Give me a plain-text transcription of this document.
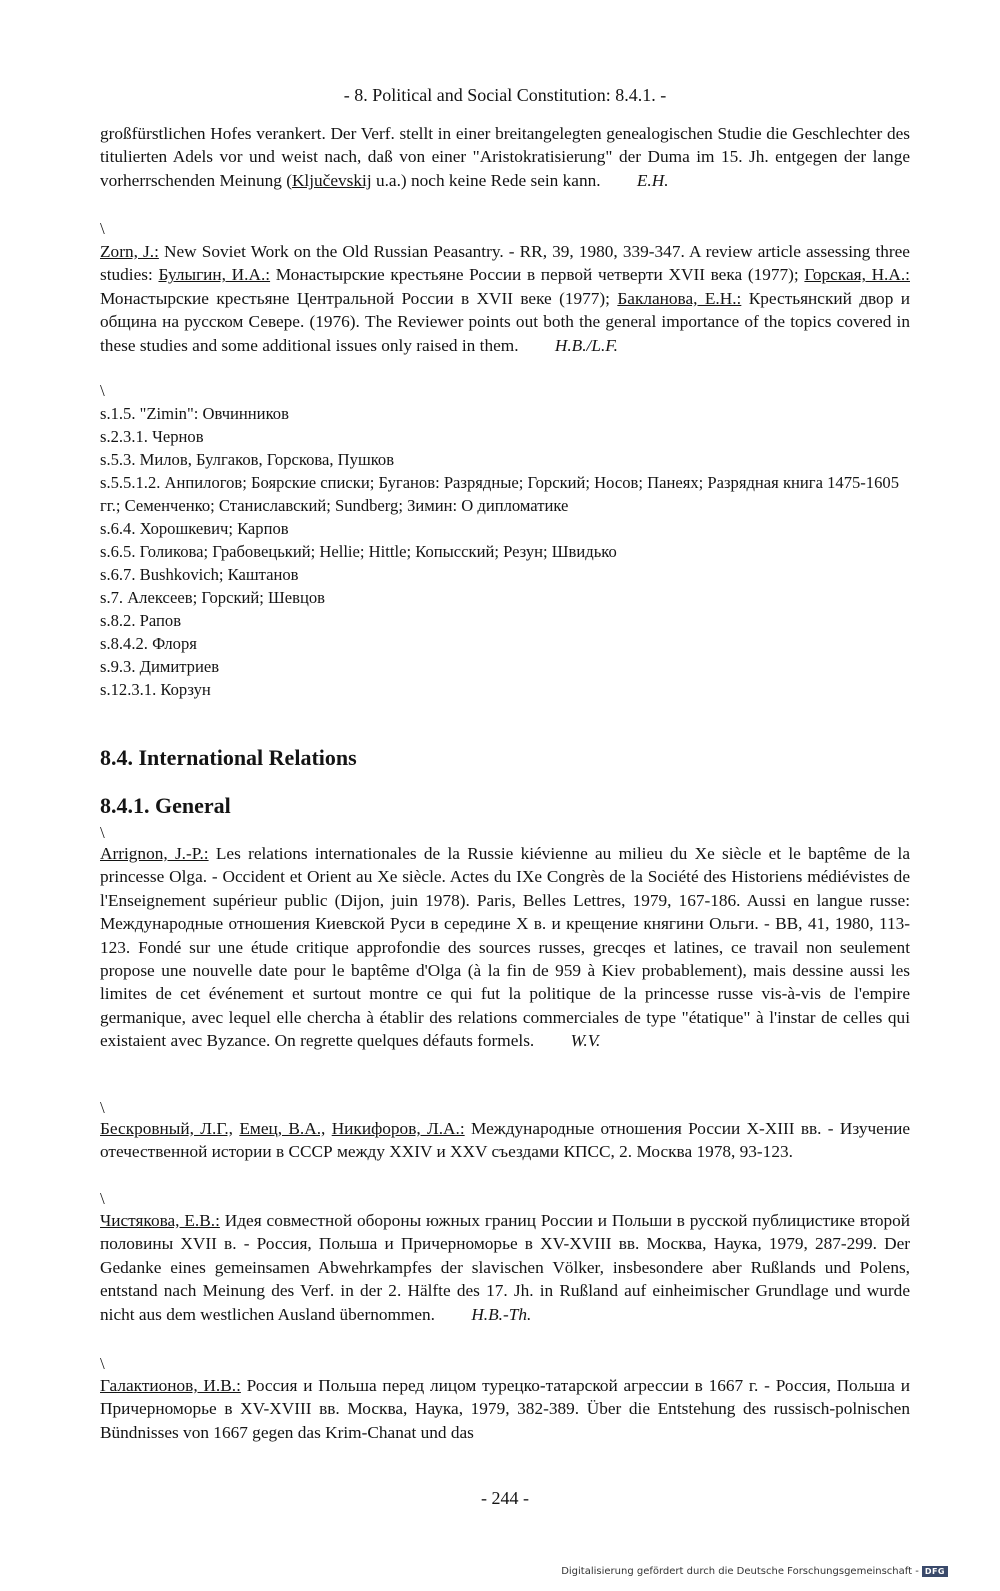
- 8. Political and Social Constitution: 8.4.1. -
großfürstlichen Hofes verankert. Der Verf. stellt in einer breitangelegten genealogischen Studie die Geschlechter des titulierten Adels vor und weist nach, daß von einer "Aristokratisierung" der Duma im 15. Jh. entgegen der lange vorherrschenden Meinung (Ključevskij u.a.) noch keine Rede sein kann. E.H.
\
Zorn, J.: New Soviet Work on the Old Russian Peasantry. - RR, 39, 1980, 339-347. A review article assessing three studies: Булыгин, И.А.: Монастырские крестьяне России в первой четверти XVII века (1977); Горская, Н.А.: Монастырские крестьяне Центральной России в XVII веке (1977); Бакланова, Е.Н.: Крестьянский двор и община на русском Севере. (1976). The Reviewer points out both the general importance of the topics covered in these studies and some additional issues only raised in them. H.B./L.F.
\
s.1.5. "Zimin": Овчинников
s.2.3.1. Чернов
s.5.3. Милов, Булгаков, Горскова, Пушков
s.5.5.1.2. Анпилогов; Боярские списки; Буганов: Разрядные; Горский; Носов; Панеях; Разрядная книга 1475-1605 гг.; Семенченко; Станиславский; Sundberg; Зимин: О дипломатике
s.6.4. Хорошкевич; Карпов
s.6.5. Голикова; Грабовецький; Hellie; Hittle; Копысский; Резун; Швидько
s.6.7. Bushkovich; Каштанов
s.7. Алексеев; Горский; Шевцов
s.8.2. Рапов
s.8.4.2. Флоря
s.9.3. Димитриев
s.12.3.1. Корзун
8.4. International Relations
8.4.1. General
\
Arrignon, J.-P.: Les relations internationales de la Russie kiévienne au milieu du Xe siècle et le baptême de la princesse Olga. - Occident et Orient au Xe siècle. Actes du IXe Congrès de la Société des Historiens médiévistes de l'Enseignement supérieur public (Dijon, juin 1978). Paris, Belles Lettres, 1979, 167-186. Aussi en langue russe: Международные отношения Киевской Руси в середине X в. и крещение княгини Ольги. - BB, 41, 1980, 113-123. Fondé sur une étude critique approfondie des sources russes, grecqes et latines, ce travail non seulement propose une nouvelle date pour le baptême d'Olga (à la fin de 959 à Kiev probablement), mais dessine aussi les limites de cet événement et surtout montre ce qui fut la politique de la princesse russe vis-à-vis de l'empire germanique, avec lequel elle chercha à établir des relations commerciales de type "étatique" à l'instar de celles qui existaient avec Byzance. On regrette quelques défauts formels. W.V.
\
Бескровный, Л.Г., Емец, В.А., Никифоров, Л.А.: Международные отношения России X-XIII вв. - Изучение отечественной истории в СССР между XXIV и XXV съездами КПСС, 2. Москва 1978, 93-123.
\
Чистякова, Е.В.: Идея совместной обороны южных границ России и Польши в русской публицистике второй половины XVII в. - Россия, Польша и Причерноморье в XV-XVIII вв. Москва, Наука, 1979, 287-299. Der Gedanke eines gemeinsamen Abwehrkampfes der slavischen Völker, insbesondere aber Rußlands und Polens, entstand nach Meinung des Verf. in der 2. Hälfte des 17. Jh. in Rußland auf einheimischer Grundlage und wurde nicht aus dem westlichen Ausland übernommen. H.B.-Th.
\
Галактионов, И.В.: Россия и Польша перед лицом турецко-татарской агрессии в 1667 г. - Россия, Польша и Причерноморье в XV-XVIII вв. Москва, Наука, 1979, 382-389. Über die Entstehung des russisch-polnischen Bündnisses von 1667 gegen das Krim-Chanat und das
- 244 -
Digitalisierung gefördert durch die Deutsche Forschungsgemeinschaft - DFG
